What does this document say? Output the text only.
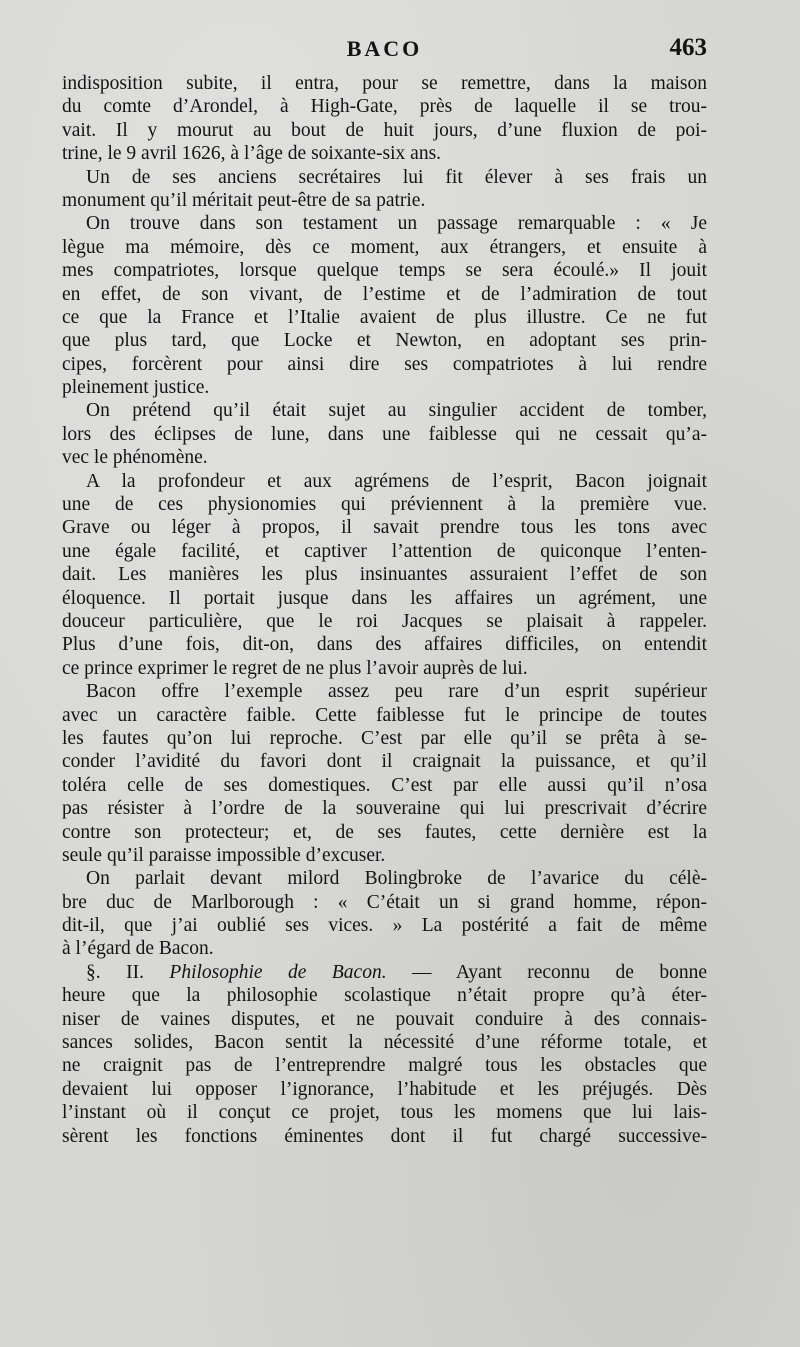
BACO	463
indisposition subite, il entra, pour se remettre, dans la maison
du comte d’Arondel, à High-Gate, près de laquelle il se trou-
vait. Il y mourut au bout de huit jours, d’une fluxion de poi-
trine, le 9 avril 1626, à l’âge de soixante-six ans.
Un de ses anciens secrétaires lui fit élever à ses frais un
monument qu’il méritait peut-être de sa patrie.
On trouve dans son testament un passage remarquable : « Je
lègue ma mémoire, dès ce moment, aux étrangers, et ensuite à
mes compatriotes, lorsque quelque temps se sera écoulé.» Il jouit
en effet, de son vivant, de l’estime et de l’admiration de tout
ce que la France et l’Italie avaient de plus illustre. Ce ne fut
que plus tard, que Locke et Newton, en adoptant ses prin-
cipes, forcèrent pour ainsi dire ses compatriotes à lui rendre
pleinement justice.
On prétend qu’il était sujet au singulier accident de tomber,
lors des éclipses de lune, dans une faiblesse qui ne cessait qu’a-
vec le phénomène.
A la profondeur et aux agrémens de l’esprit, Bacon joignait
une de ces physionomies qui préviennent à la première vue.
Grave ou léger à propos, il savait prendre tous les tons avec
une égale facilité, et captiver l’attention de quiconque l’enten-
dait. Les manières les plus insinuantes assuraient l’effet de son
éloquence. Il portait jusque dans les affaires un agrément, une
douceur particulière, que le roi Jacques se plaisait à rappeler.
Plus d’une fois, dit-on, dans des affaires difficiles, on entendit
ce prince exprimer le regret de ne plus l’avoir auprès de lui.
Bacon offre l’exemple assez peu rare d’un esprit supérieur
avec un caractère faible. Cette faiblesse fut le principe de toutes
les fautes qu’on lui reproche. C’est par elle qu’il se prêta à se-
conder l’avidité du favori dont il craignait la puissance, et qu’il
toléra celle de ses domestiques. C’est par elle aussi qu’il n’osa
pas résister à l’ordre de la souveraine qui lui prescrivait d’écrire
contre son protecteur; et, de ses fautes, cette dernière est la
seule qu’il paraisse impossible d’excuser.
On parlait devant milord Bolingbroke de l’avarice du célè-
bre duc de Marlborough : « C’était un si grand homme, répon-
dit-il, que j’ai oublié ses vices. » La postérité a fait de même
à l’égard de Bacon.
§. II. Philosophie de Bacon. — Ayant reconnu de bonne
heure que la philosophie scolastique n’était propre qu’à éter-
niser de vaines disputes, et ne pouvait conduire à des connais-
sances solides, Bacon sentit la nécessité d’une réforme totale, et
ne craignit pas de l’entreprendre malgré tous les obstacles que
devaient lui opposer l’ignorance, l’habitude et les préjugés. Dès
l’instant où il conçut ce projet, tous les momens que lui lais-
sèrent les fonctions éminentes dont il fut chargé successive-
